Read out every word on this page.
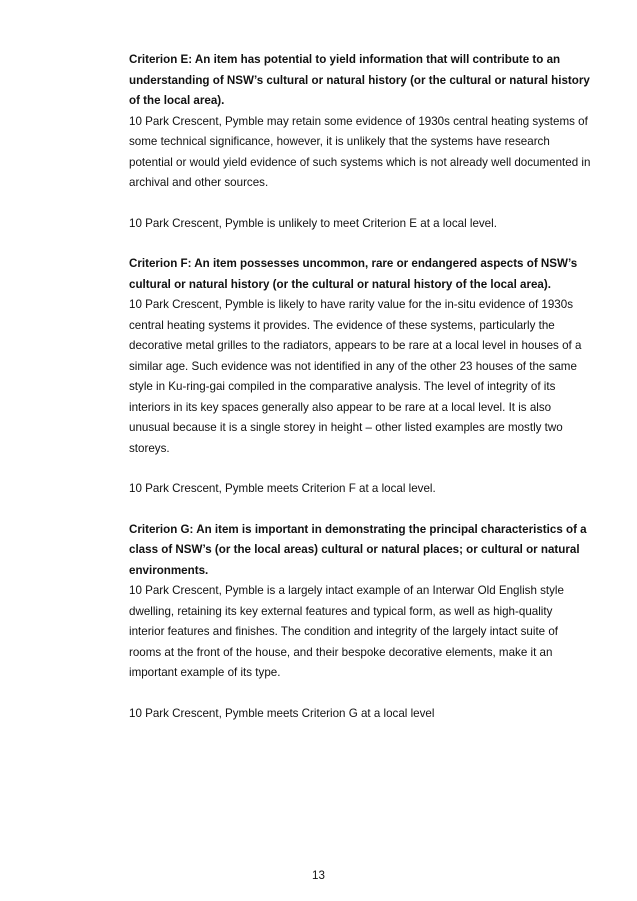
Criterion E: An item has potential to yield information that will contribute to an understanding of NSW’s cultural or natural history (or the cultural or natural history of the local area).

10 Park Crescent, Pymble may retain some evidence of 1930s central heating systems of some technical significance, however, it is unlikely that the systems have research potential or would yield evidence of such systems which is not already well documented in archival and other sources.

10 Park Crescent, Pymble is unlikely to meet Criterion E at a local level.

Criterion F: An item possesses uncommon, rare or endangered aspects of NSW’s cultural or natural history (or the cultural or natural history of the local area).

10 Park Crescent, Pymble is likely to have rarity value for the in-situ evidence of 1930s central heating systems it provides. The evidence of these systems, particularly the decorative metal grilles to the radiators, appears to be rare at a local level in houses of a similar age. Such evidence was not identified in any of the other 23 houses of the same style in Ku-ring-gai compiled in the comparative analysis. The level of integrity of its interiors in its key spaces generally also appear to be rare at a local level. It is also unusual because it is a single storey in height – other listed examples are mostly two storeys.

10 Park Crescent, Pymble meets Criterion F at a local level.

Criterion G: An item is important in demonstrating the principal characteristics of a class of NSW’s (or the local areas) cultural or natural places; or cultural or natural environments.

10 Park Crescent, Pymble is a largely intact example of an Interwar Old English style dwelling, retaining its key external features and typical form, as well as high-quality interior features and finishes. The condition and integrity of the largely intact suite of rooms at the front of the house, and their bespoke decorative elements, make it an important example of its type.

10 Park Crescent, Pymble meets Criterion G at a local level

13
